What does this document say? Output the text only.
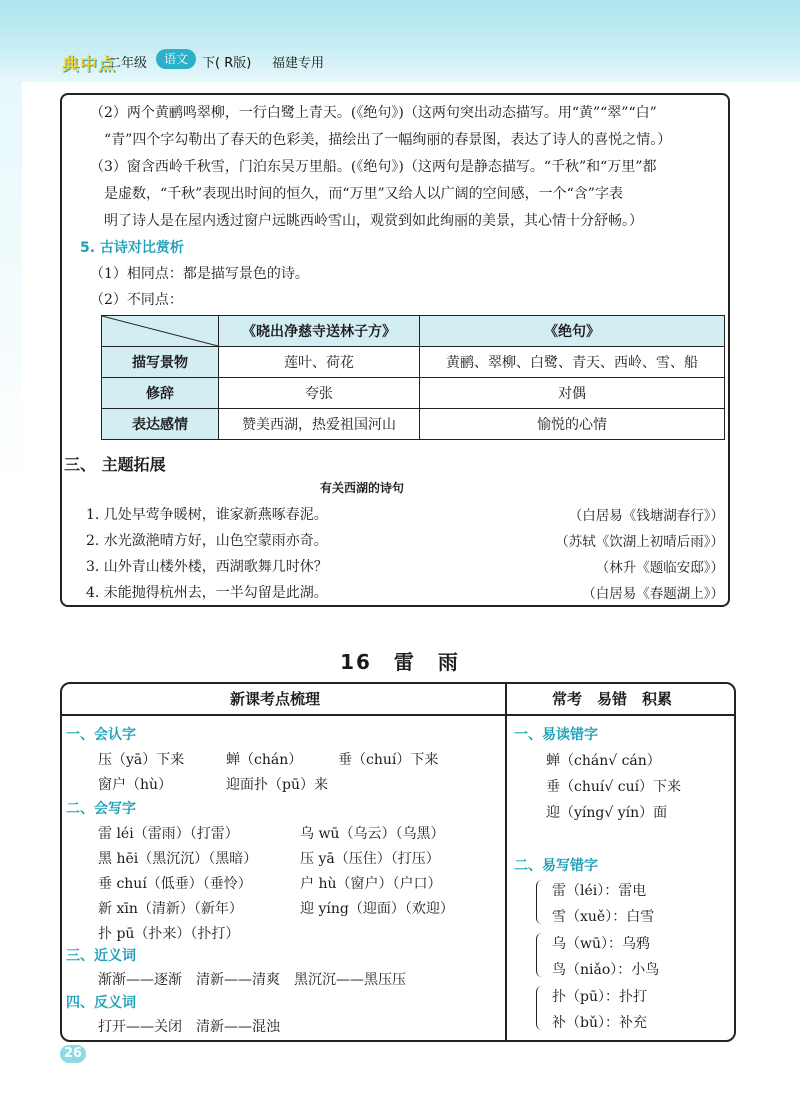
典中点
二年级	语文	下( R版) 福建专用
（2）两个黄鹂鸣翠柳，一行白鹭上青天。(《绝句》)（这两句突出动态描写。用“黄”“翠”“白”
“青”四个字勾勒出了春天的色彩美，描绘出了一幅绚丽的春景图，表达了诗人的喜悦之情。）
（3）窗含西岭千秋雪，门泊东吴万里船。(《绝句》)（这两句是静态描写。“千秋”和“万里”都
是虚数，“千秋”表现出时间的恒久，而“万里”又给人以广阔的空间感，一个“含”字表
明了诗人是在屋内透过窗户远眺西岭雪山，观赏到如此绚丽的美景，其心情十分舒畅。）
5. 古诗对比赏析
（1）相同点：都是描写景色的诗。
（2）不同点：
	《晓出净慈寺送林子方》	《绝句》
描写景物	莲叶、荷花	黄鹂、翠柳、白鹭、青天、西岭、雪、船
修辞	夸张	对偶
表达感情	赞美西湖，热爱祖国河山	愉悦的心情
三、 主题拓展
有关西湖的诗句
1. 几处早莺争暖树，谁家新燕啄春泥。	（白居易《钱塘湖春行》）
2. 水光潋滟晴方好，山色空蒙雨亦奇。	（苏轼《饮湖上初晴后雨》）
3. 山外青山楼外楼，西湖歌舞几时休？	（林升《题临安邸》）
4. 未能抛得杭州去，一半勾留是此湖。	（白居易《春题湖上》）
16　雷　雨
新课考点梳理	常考　易错　积累
一、会认字
压（yā）下来	蝉（chán）	垂（chuí）下来
窗户（hù）	迎面扑（pū）来
二、会写字
雷 léi（雷雨）（打雷）	乌 wū（乌云）（乌黑）
黑 hēi（黑沉沉）（黑暗）	压 yā（压住）（打压）
垂 chuí（低垂）（垂怜）	户 hù（窗户）（户口）
新 xīn（清新）（新年）	迎 yíng（迎面）（欢迎）
扑 pū（扑来）（扑打）
三、近义词
渐渐——逐渐　清新——清爽　黑沉沉——黑压压
四、反义词
打开——关闭　清新——混浊
一、易读错字
蝉（chán√ cán）
垂（chuí√ cuí）下来
迎（yíng√ yín）面
二、易写错字
雷（léi）：雷电
雪（xuě）：白雪
乌（wū）：乌鸦
鸟（niǎo）：小鸟
扑（pū）：扑打
补（bǔ）：补充
26
